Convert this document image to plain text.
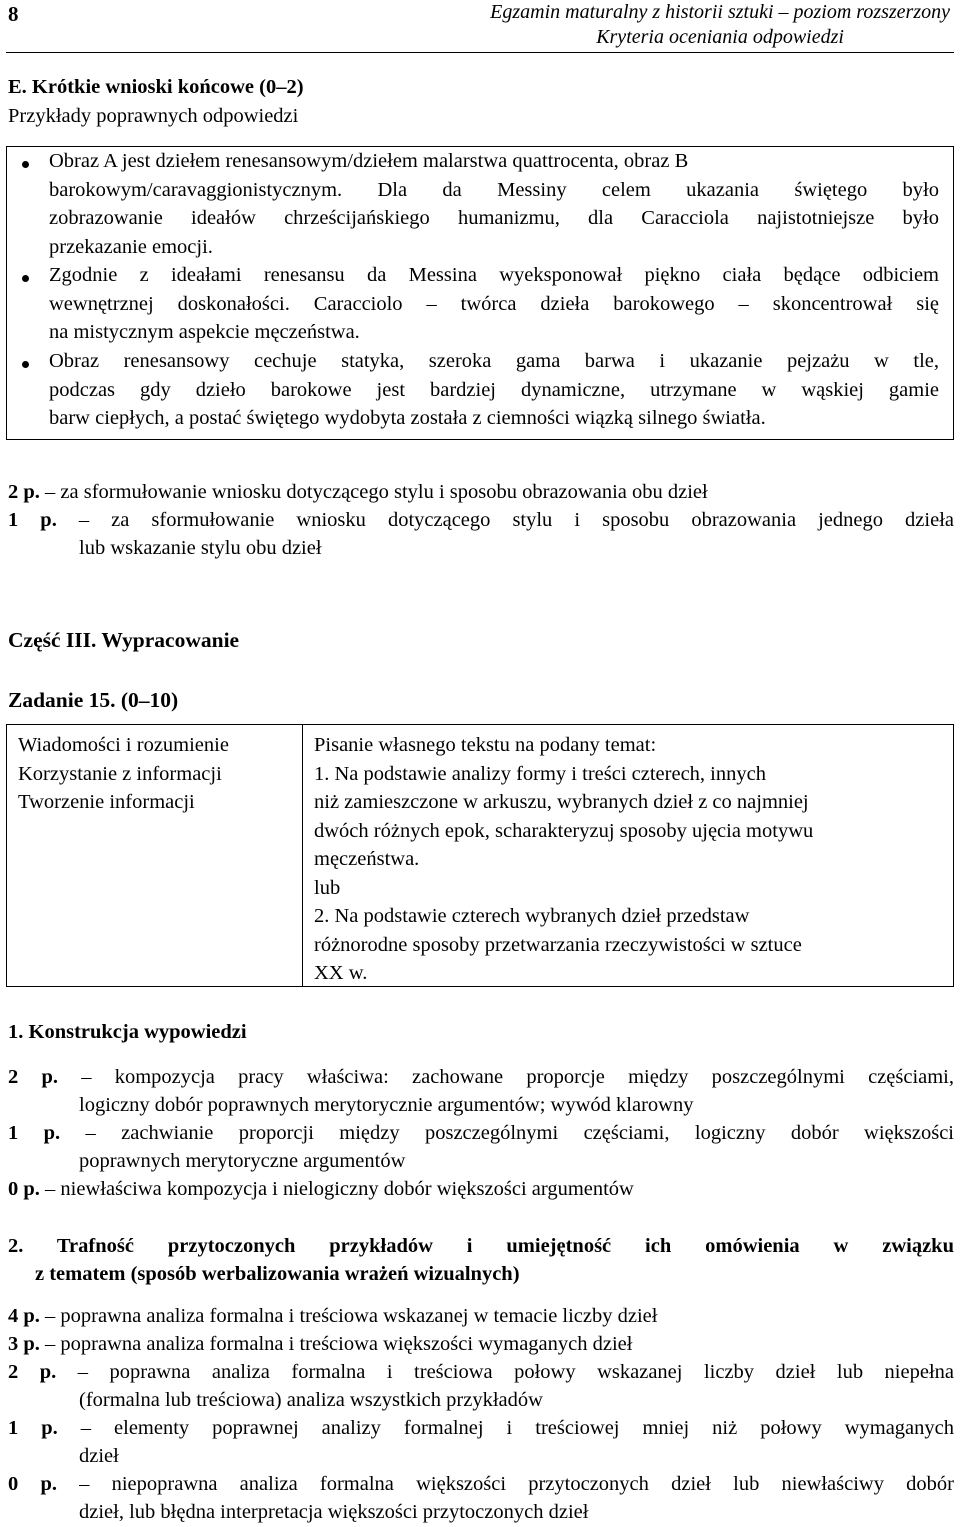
8	Egzamin maturalny z historii sztuki – poziom rozszerzony
Kryteria oceniania odpowiedzi
E. Krótkie wnioski końcowe (0–2)
Przykłady poprawnych odpowiedzi
Obraz A jest dziełem renesansowym/dziełem malarstwa quattrocenta, obraz B
barokowym/caravaggionistycznym. Dla da Messiny celem ukazania świętego było
zobrazowanie ideałów chrześcijańskiego humanizmu, dla Caracciola najistotniejsze było
przekazanie emocji.
Zgodnie z ideałami renesansu da Messina wyeksponował piękno ciała będące odbiciem
wewnętrznej doskonałości. Caracciolo – twórca dzieła barokowego – skoncentrował się
na mistycznym aspekcie męczeństwa.
Obraz renesansowy cechuje statyka, szeroka gama barwa i ukazanie pejzażu w tle,
podczas gdy dzieło barokowe jest bardziej dynamiczne, utrzymane w wąskiej gamie
barw ciepłych, a postać świętego wydobyta została z ciemności wiązką silnego światła.
2 p. – za sformułowanie wniosku dotyczącego stylu i sposobu obrazowania obu dzieł
1 p. – za sformułowanie wniosku dotyczącego stylu i sposobu obrazowania jednego dzieła
lub wskazanie stylu obu dzieł
Część III. Wypracowanie
Zadanie 15. (0–10)
Wiadomości i rozumienie
Korzystanie z informacji
Tworzenie informacji
Pisanie własnego tekstu na podany temat:
1. Na podstawie analizy formy i treści czterech, innych
niż zamieszczone w arkuszu, wybranych dzieł z co najmniej
dwóch różnych epok, scharakteryzuj sposoby ujęcia motywu
męczeństwa.
lub
2. Na podstawie czterech wybranych dzieł przedstaw
różnorodne sposoby przetwarzania rzeczywistości w sztuce
XX w.
1. Konstrukcja wypowiedzi
2 p. – kompozycja pracy właściwa: zachowane proporcje między poszczególnymi częściami,
logiczny dobór poprawnych merytorycznie argumentów; wywód klarowny
1 p. – zachwianie proporcji między poszczególnymi częściami, logiczny dobór większości
poprawnych merytoryczne argumentów
0 p. – niewłaściwa kompozycja i nielogiczny dobór większości argumentów
2. Trafność przytoczonych przykładów i umiejętność ich omówienia w związku
z tematem (sposób werbalizowania wrażeń wizualnych)
4 p. – poprawna analiza formalna i treściowa wskazanej w temacie liczby dzieł
3 p. – poprawna analiza formalna i treściowa większości wymaganych dzieł
2 p. – poprawna analiza formalna i treściowa połowy wskazanej liczby dzieł lub niepełna
(formalna lub treściowa) analiza wszystkich przykładów
1 p. – elementy poprawnej analizy formalnej i treściowej mniej niż połowy wymaganych
dzieł
0 p. – niepoprawna analiza formalna większości przytoczonych dzieł lub niewłaściwy dobór
dzieł, lub błędna interpretacja większości przytoczonych dzieł
